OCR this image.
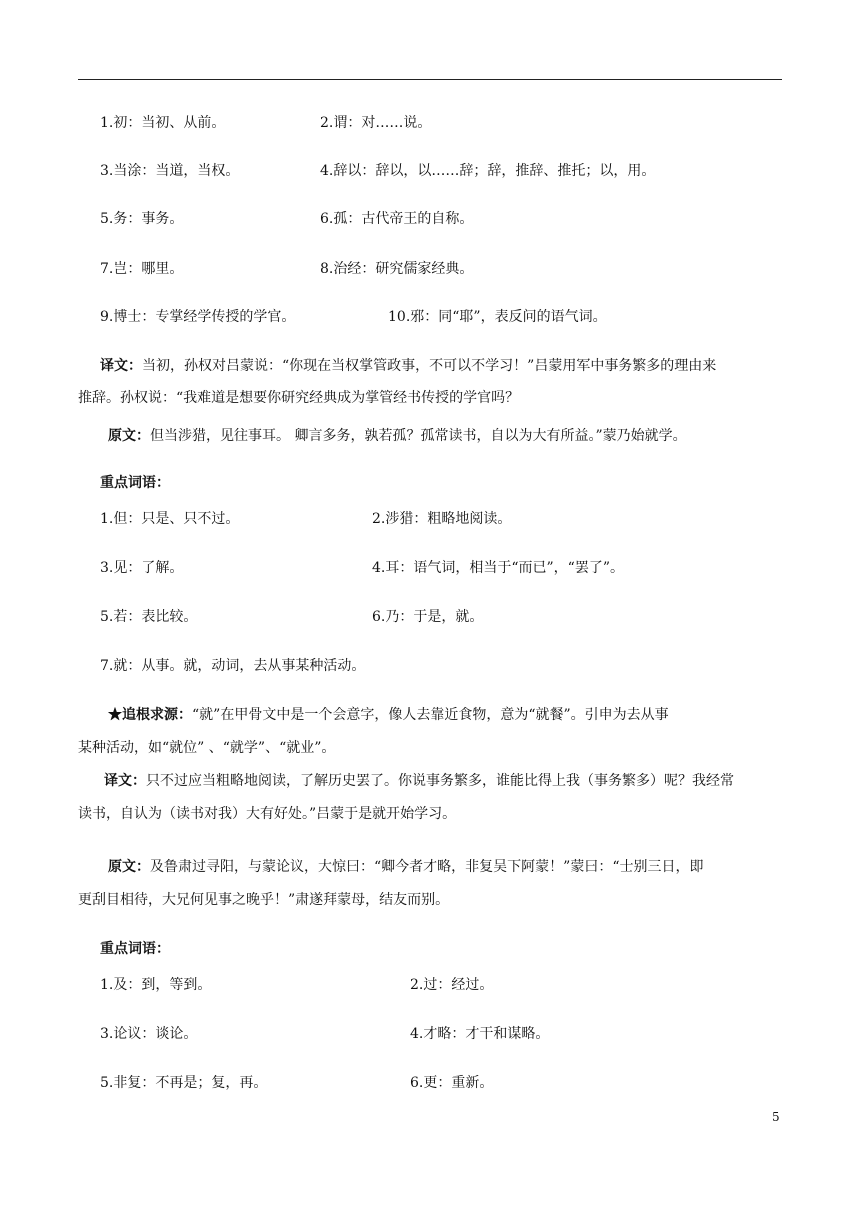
1.初：当初、从前。	2.谓：对……说。
3.当涂：当道，当权。	4.辞以：辞以，以……辞；辞，推辞、推托；以，用。
5.务：事务。	6.孤：古代帝王的自称。
7.岂：哪里。	8.治经：研究儒家经典。
9.博士：专掌经学传授的学官。	10.邪：同“耶”，表反问的语气词。
译文：当初，孙权对吕蒙说：“你现在当权掌管政事，不可以不学习！”吕蒙用军中事务繁多的理由来
推辞。孙权说：“我难道是想要你研究经典成为掌管经书传授的学官吗？
原文：但当涉猎，见往事耳。 卿言多务，孰若孤？孤常读书，自以为大有所益。”蒙乃始就学。
重点词语：
1.但：只是、只不过。	2.涉猎：粗略地阅读。
3.见：了解。	4.耳：语气词，相当于“而已”，“罢了”。
5.若：表比较。	6.乃：于是，就。
7.就：从事。就，动词，去从事某种活动。
★追根求源：“就”在甲骨文中是一个会意字，像人去靠近食物，意为“就餐”。引申为去从事
某种活动，如“就位” 、“就学”、“就业”。
译文：只不过应当粗略地阅读，了解历史罢了。你说事务繁多，谁能比得上我（事务繁多）呢？我经常
读书，自认为（读书对我）大有好处。”吕蒙于是就开始学习。
原文：及鲁肃过寻阳，与蒙论议，大惊曰：“卿今者才略，非复吴下阿蒙！”蒙曰：“士别三日，即
更刮目相待，大兄何见事之晚乎！”肃遂拜蒙母，结友而别。
重点词语：
1.及：到，等到。	2.过：经过。
3.论议：谈论。	4.才略：才干和谋略。
5.非复：不再是；复，再。	6.更：重新。
5
